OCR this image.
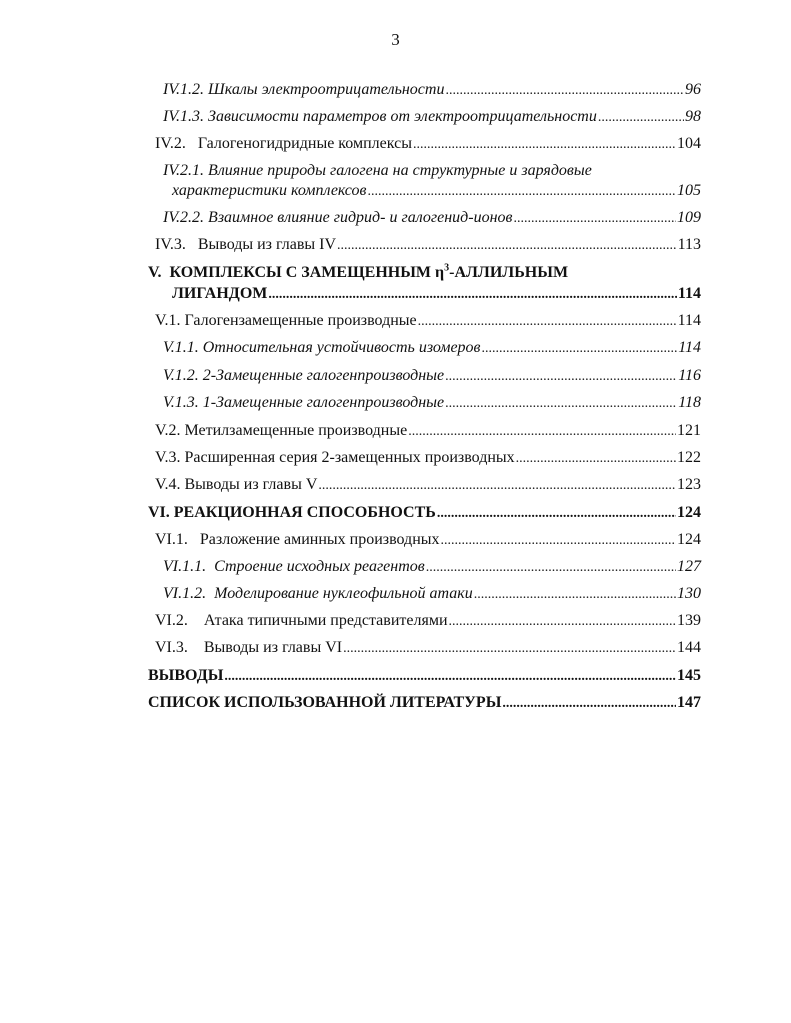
3
IV.1.2. Шкалы электроотрицательности .....	96
IV.1.3. Зависимости параметров от электроотрицательности .....	98
IV.2.   Галогеногидридные комплексы .....	104
IV.2.1. Влияние природы галогена на структурные и зарядовые
характеристики комплексов .....	105
IV.2.2. Взаимное влияние гидрид- и галогенид-ионов .....	109
IV.3.   Выводы из главы IV .....	113
V.  КОМПЛЕКСЫ С ЗАМЕЩЕННЫМ $\eta^3$-АЛЛИЛЬНЫМ
ЛИГАНДОМ .....	114
V.1. Галогензамещенные производные .....	114
V.1.1. Относительная устойчивость изомеров .....	114
V.1.2. 2-Замещенные галогенпроизводные .....	116
V.1.3. 1-Замещенные галогенпроизводные .....	118
V.2. Метилзамещенные производные .....	121
V.3. Расширенная серия 2-замещенных производных .....	122
V.4. Выводы из главы V .....	123
VI. РЕАКЦИОННАЯ СПОСОБНОСТЬ .....	124
VI.1.   Разложение аминных производных .....	124
VI.1.1.  Строение исходных реагентов .....	127
VI.1.2.  Моделирование нуклеофильной атаки .....	130
VI.2.    Атака типичными представителями .....	139
VI.3.    Выводы из главы VI .....	144
ВЫВОДЫ .....	145
СПИСОК ИСПОЛЬЗОВАННОЙ ЛИТЕРАТУРЫ .....	147
